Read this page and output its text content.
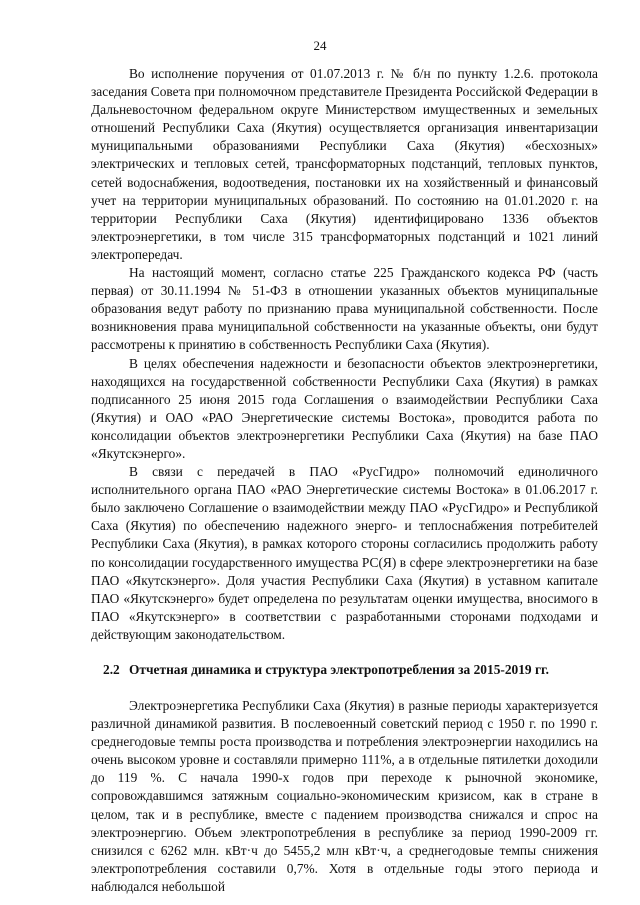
24

Во исполнение поручения от 01.07.2013 г. № б/н по пункту 1.2.6. протокола заседания Совета при полномочном представителе Президента Российской Федерации в Дальневосточном федеральном округе Министерством имущественных и земельных отношений Республики Саха (Якутия) осуществляется организация инвентаризации муниципальными образованиями Республики Саха (Якутия) «бесхозных» электрических и тепловых сетей, трансформаторных подстанций, тепловых пунктов, сетей водоснабжения, водоотведения, постановки их на хозяйственный и финансовый учет на территории муниципальных образований. По состоянию на 01.01.2020 г. на территории Республики Саха (Якутия) идентифицировано 1336 объектов электроэнергетики, в том числе 315 трансформаторных подстанций и 1021 линий электропередач.

На настоящий момент, согласно статье 225 Гражданского кодекса РФ (часть первая) от 30.11.1994 № 51-ФЗ в отношении указанных объектов муниципальные образования ведут работу по признанию права муниципальной собственности. После возникновения права муниципальной собственности на указанные объекты, они будут рассмотрены к принятию в собственность Республики Саха (Якутия).

В целях обеспечения надежности и безопасности объектов электроэнергетики, находящихся на государственной собственности Республики Саха (Якутия) в рамках подписанного 25 июня 2015 года Соглашения о взаимодействии Республики Саха (Якутия) и ОАО «РАО Энергетические системы Востока», проводится работа по консолидации объектов электроэнергетики Республики Саха (Якутия) на базе ПАО «Якутскэнерго».

В связи с передачей в ПАО «РусГидро» полномочий единоличного исполнительного органа ПАО «РАО Энергетические системы Востока» в 01.06.2017 г. было заключено Соглашение о взаимодействии между ПАО «РусГидро» и Республикой Саха (Якутия) по обеспечению надежного энерго- и теплоснабжения потребителей Республики Саха (Якутия), в рамках которого стороны согласились продолжить работу по консолидации государственного имущества РС(Я) в сфере электроэнергетики на базе ПАО «Якутскэнерго». Доля участия Республики Саха (Якутия) в уставном капитале ПАО «Якутскэнерго» будет определена по результатам оценки имущества, вносимого в ПАО «Якутскэнерго» в соответствии с разработанными сторонами подходами и действующим законодательством.

2.2 Отчетная динамика и структура электропотребления за 2015-2019 гг.

Электроэнергетика Республики Саха (Якутия) в разные периоды характеризуется различной динамикой развития. В послевоенный советский период с 1950 г. по 1990 г. среднегодовые темпы роста производства и потребления электроэнергии находились на очень высоком уровне и составляли примерно 111%, а в отдельные пятилетки доходили до 119 %. С начала 1990-х годов при переходе к рыночной экономике, сопровождавшимся затяжным социально-экономическим кризисом, как в стране в целом, так и в республике, вместе с падением производства снижался и спрос на электроэнергию. Объем электропотребления в республике за период 1990-2009 гг. снизился с 6262 млн. кВт·ч до 5455,2 млн кВт·ч, а среднегодовые темпы снижения электропотребления составили 0,7%. Хотя в отдельные годы этого периода и наблюдался небольшой
